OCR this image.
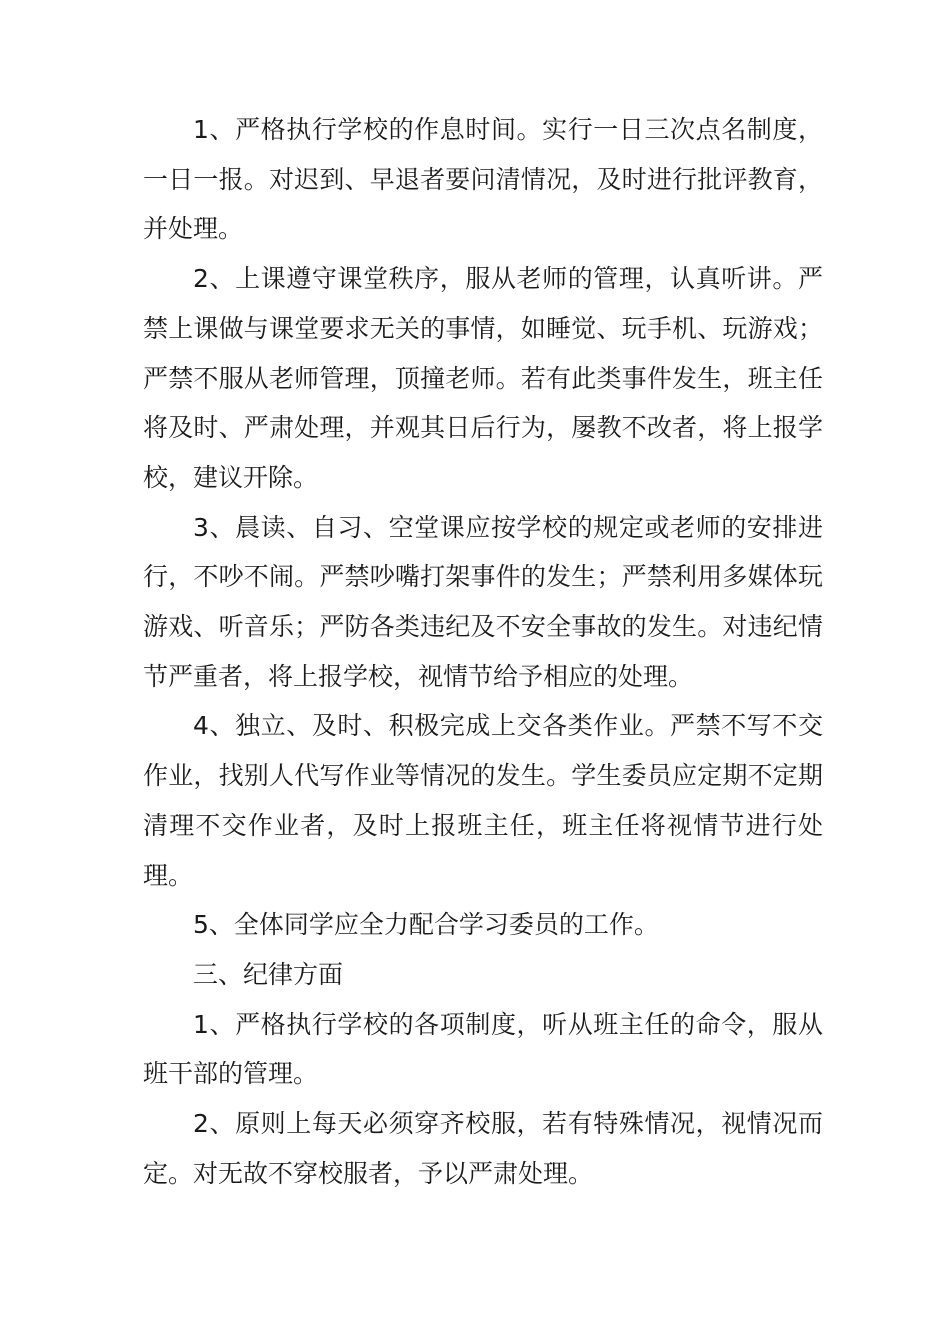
1、严格执行学校的作息时间。实行一日三次点名制度，一日一报。对迟到、早退者要问清情况，及时进行批评教育，并处理。

2、上课遵守课堂秩序，服从老师的管理，认真听讲。严禁上课做与课堂要求无关的事情，如睡觉、玩手机、玩游戏；严禁不服从老师管理，顶撞老师。若有此类事件发生，班主任将及时、严肃处理，并观其日后行为，屡教不改者，将上报学校，建议开除。

3、晨读、自习、空堂课应按学校的规定或老师的安排进行，不吵不闹。严禁吵嘴打架事件的发生；严禁利用多媒体玩游戏、听音乐；严防各类违纪及不安全事故的发生。对违纪情节严重者，将上报学校，视情节给予相应的处理。

4、独立、及时、积极完成上交各类作业。严禁不写不交作业，找别人代写作业等情况的发生。学生委员应定期不定期清理不交作业者，及时上报班主任，班主任将视情节进行处理。

5、全体同学应全力配合学习委员的工作。

三、纪律方面

1、严格执行学校的各项制度，听从班主任的命令，服从班干部的管理。

2、原则上每天必须穿齐校服，若有特殊情况，视情况而定。对无故不穿校服者，予以严肃处理。
